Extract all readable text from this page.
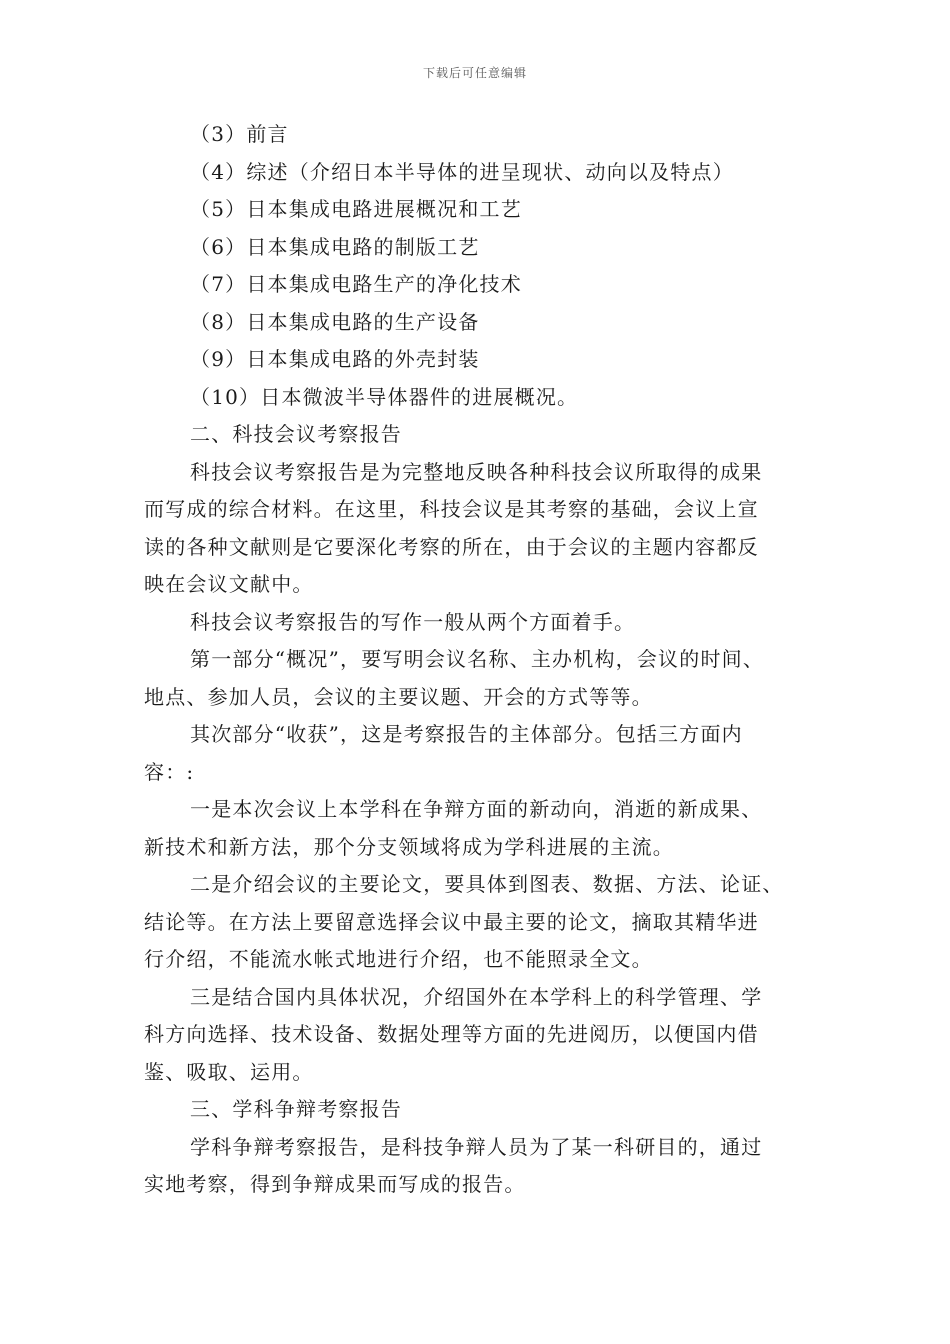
下载后可任意编辑
（3）前言
（4）综述（介绍日本半导体的进呈现状、动向以及特点）
（5）日本集成电路进展概况和工艺
（6）日本集成电路的制版工艺
（7）日本集成电路生产的净化技术
（8）日本集成电路的生产设备
（9）日本集成电路的外壳封装
（10）日本微波半导体器件的进展概况。
二、科技会议考察报告
科技会议考察报告是为完整地反映各种科技会议所取得的成果
而写成的综合材料。在这里，科技会议是其考察的基础，会议上宣
读的各种文献则是它要深化考察的所在，由于会议的主题内容都反
映在会议文献中。
科技会议考察报告的写作一般从两个方面着手。
第一部分“概况”，要写明会议名称、主办机构，会议的时间、
地点、参加人员，会议的主要议题、开会的方式等等。
其次部分“收获”，这是考察报告的主体部分。包括三方面内
容：:
一是本次会议上本学科在争辩方面的新动向，消逝的新成果、
新技术和新方法，那个分支领域将成为学科进展的主流。
二是介绍会议的主要论文，要具体到图表、数据、方法、论证、
结论等。在方法上要留意选择会议中最主要的论文，摘取其精华进
行介绍，不能流水帐式地进行介绍，也不能照录全文。
三是结合国内具体状况，介绍国外在本学科上的科学管理、学
科方向选择、技术设备、数据处理等方面的先进阅历，以便国内借
鉴、吸取、运用。
三、学科争辩考察报告
学科争辩考察报告，是科技争辩人员为了某一科研目的，通过
实地考察，得到争辩成果而写成的报告。
